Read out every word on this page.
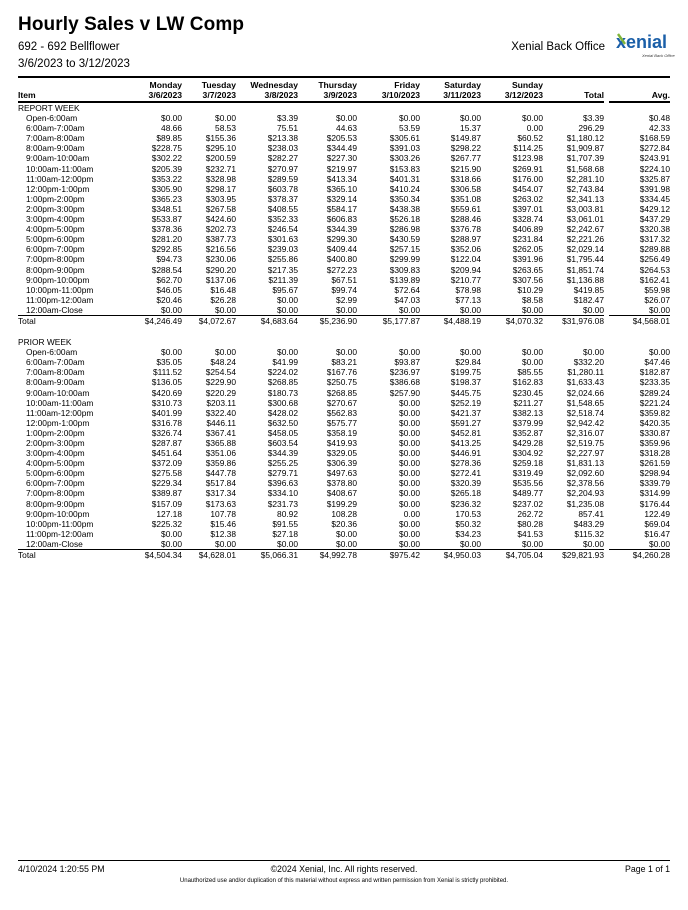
Hourly Sales v LW Comp
692 - 692 Bellflower
3/6/2023 to 3/12/2023
Xenial Back Office xenial
Xenial Back Office
	Monday	Tuesday	Wednesday	Thursday	Friday	Saturday	Sunday			
Item	3/6/2023	3/7/2023	3/8/2023	3/9/2023	3/10/2023	3/11/2023	3/12/2023	Total		Avg.
REPORT WEEK										
Open-6:00am	$0.00	$0.00	$3.39	$0.00	$0.00	$0.00	$0.00	$3.39		$0.48
6:00am-7:00am	48.66	58.53	75.51	44.63	53.59	15.37	0.00	296.29		42.33
7:00am-8:00am	$89.85	$155.36	$213.38	$205.53	$305.61	$149.87	$60.52	$1,180.12		$168.59
8:00am-9:00am	$228.75	$295.10	$238.03	$344.49	$391.03	$298.22	$114.25	$1,909.87		$272.84
9:00am-10:00am	$302.22	$200.59	$282.27	$227.30	$303.26	$267.77	$123.98	$1,707.39		$243.91
10:00am-11:00am	$205.39	$232.71	$270.97	$219.97	$153.83	$215.90	$269.91	$1,568.68		$224.10
11:00am-12:00pm	$353.22	$328.98	$289.59	$413.34	$401.31	$318.66	$176.00	$2,281.10		$325.87
12:00pm-1:00pm	$305.90	$298.17	$603.78	$365.10	$410.24	$306.58	$454.07	$2,743.84		$391.98
1:00pm-2:00pm	$365.23	$303.95	$378.37	$329.14	$350.34	$351.08	$263.02	$2,341.13		$334.45
2:00pm-3:00pm	$348.51	$267.58	$408.55	$584.17	$438.38	$559.61	$397.01	$3,003.81		$429.12
3:00pm-4:00pm	$533.87	$424.60	$352.33	$606.83	$526.18	$288.46	$328.74	$3,061.01		$437.29
4:00pm-5:00pm	$378.36	$202.73	$246.54	$344.39	$286.98	$376.78	$406.89	$2,242.67		$320.38
5:00pm-6:00pm	$281.20	$387.73	$301.63	$299.30	$430.59	$288.97	$231.84	$2,221.26		$317.32
6:00pm-7:00pm	$292.85	$216.56	$239.03	$409.44	$257.15	$352.06	$262.05	$2,029.14		$289.88
7:00pm-8:00pm	$94.73	$230.06	$255.86	$400.80	$299.99	$122.04	$391.96	$1,795.44		$256.49
8:00pm-9:00pm	$288.54	$290.20	$217.35	$272.23	$309.83	$209.94	$263.65	$1,851.74		$264.53
9:00pm-10:00pm	$62.70	$137.06	$211.39	$67.51	$139.89	$210.77	$307.56	$1,136.88		$162.41
10:00pm-11:00pm	$46.05	$16.48	$95.67	$99.74	$72.64	$78.98	$10.29	$419.85		$59.98
11:00pm-12:00am	$20.46	$26.28	$0.00	$2.99	$47.03	$77.13	$8.58	$182.47		$26.07
12:00am-Close	$0.00	$0.00	$0.00	$0.00	$0.00	$0.00	$0.00	$0.00		$0.00
Total	$4,246.49	$4,072.67	$4,683.64	$5,236.90	$5,177.87	$4,488.19	$4,070.32	$31,976.08		$4,568.01

PRIOR WEEK										
Open-6:00am	$0.00	$0.00	$0.00	$0.00	$0.00	$0.00	$0.00	$0.00		$0.00
6:00am-7:00am	$35.05	$48.24	$41.99	$83.21	$93.87	$29.84	$0.00	$332.20		$47.46
7:00am-8:00am	$111.52	$254.54	$224.02	$167.76	$236.97	$199.75	$85.55	$1,280.11		$182.87
8:00am-9:00am	$136.05	$229.90	$268.85	$250.75	$386.68	$198.37	$162.83	$1,633.43		$233.35
9:00am-10:00am	$420.69	$220.29	$180.73	$268.85	$257.90	$445.75	$230.45	$2,024.66		$289.24
10:00am-11:00am	$310.73	$203.11	$300.68	$270.67	$0.00	$252.19	$211.27	$1,548.65		$221.24
11:00am-12:00pm	$401.99	$322.40	$428.02	$562.83	$0.00	$421.37	$382.13	$2,518.74		$359.82
12:00pm-1:00pm	$316.78	$446.11	$632.50	$575.77	$0.00	$591.27	$379.99	$2,942.42		$420.35
1:00pm-2:00pm	$326.74	$367.41	$458.05	$358.19	$0.00	$452.81	$352.87	$2,316.07		$330.87
2:00pm-3:00pm	$287.87	$365.88	$603.54	$419.93	$0.00	$413.25	$429.28	$2,519.75		$359.96
3:00pm-4:00pm	$451.64	$351.06	$344.39	$329.05	$0.00	$446.91	$304.92	$2,227.97		$318.28
4:00pm-5:00pm	$372.09	$359.86	$255.25	$306.39	$0.00	$278.36	$259.18	$1,831.13		$261.59
5:00pm-6:00pm	$275.58	$447.78	$279.71	$497.63	$0.00	$272.41	$319.49	$2,092.60		$298.94
6:00pm-7:00pm	$229.34	$517.84	$396.63	$378.80	$0.00	$320.39	$535.56	$2,378.56		$339.79
7:00pm-8:00pm	$389.87	$317.34	$334.10	$408.67	$0.00	$265.18	$489.77	$2,204.93		$314.99
8:00pm-9:00pm	$157.09	$173.63	$231.73	$199.29	$0.00	$236.32	$237.02	$1,235.08		$176.44
9:00pm-10:00pm	127.18	107.78	80.92	108.28	0.00	170.53	262.72	857.41		122.49
10:00pm-11:00pm	$225.32	$15.46	$91.55	$20.36	$0.00	$50.32	$80.28	$483.29		$69.04
11:00pm-12:00am	$0.00	$12.38	$27.18	$0.00	$0.00	$34.23	$41.53	$115.32		$16.47
12:00am-Close	$0.00	$0.00	$0.00	$0.00	$0.00	$0.00	$0.00	$0.00		$0.00
Total	$4,504.34	$4,628.01	$5,066.31	$4,992.78	$975.42	$4,950.03	$4,705.04	$29,821.93		$4,260.28
4/10/2024 1:20:55 PM	©2024 Xenial, Inc. All rights reserved.	Page 1 of 1
Unauthorized use and/or duplication of this material without express and written permission from Xenial is strictly prohibited.
